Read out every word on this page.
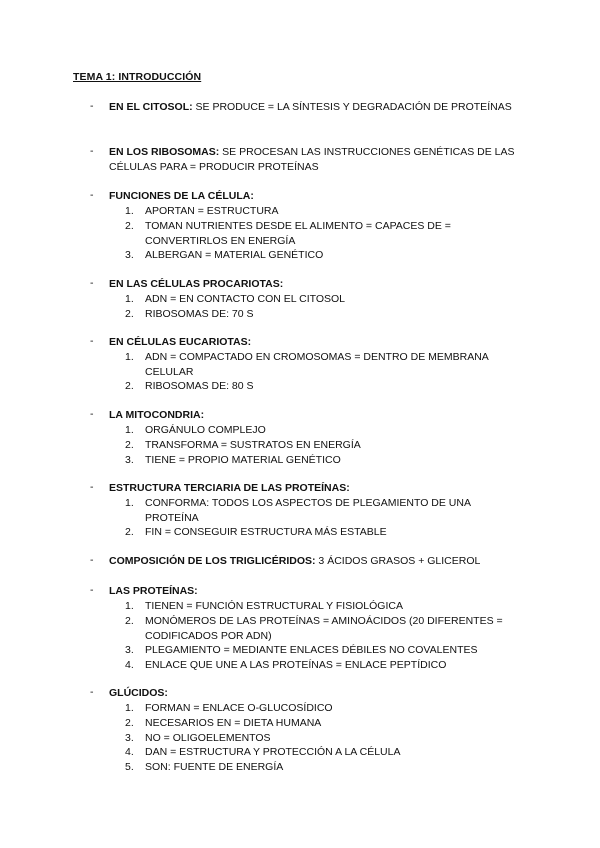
TEMA 1: INTRODUCCIÓN
- EN EL CITOSOL: SE PRODUCE = LA SÍNTESIS Y DEGRADACIÓN DE PROTEÍNAS
- EN LOS RIBOSOMAS: SE PROCESAN LAS INSTRUCCIONES GENÉTICAS DE LAS CÉLULAS PARA = PRODUCIR PROTEÍNAS
- FUNCIONES DE LA CÉLULA:
1. APORTAN = ESTRUCTURA
2. TOMAN NUTRIENTES DESDE EL ALIMENTO = CAPACES DE = CONVERTIRLOS EN ENERGÍA
3. ALBERGAN = MATERIAL GENÉTICO
- EN LAS CÉLULAS PROCARIOTAS:
1. ADN = EN CONTACTO CON EL CITOSOL
2. RIBOSOMAS DE: 70 S
- EN CÉLULAS EUCARIOTAS:
1. ADN = COMPACTADO EN CROMOSOMAS = DENTRO DE MEMBRANA CELULAR
2. RIBOSOMAS DE: 80 S
- LA MITOCONDRIA:
1. ORGÁNULO COMPLEJO
2. TRANSFORMA = SUSTRATOS EN ENERGÍA
3. TIENE = PROPIO MATERIAL GENÉTICO
- ESTRUCTURA TERCIARIA DE LAS PROTEÍNAS:
1. CONFORMA: TODOS LOS ASPECTOS DE PLEGAMIENTO DE UNA PROTEÍNA
2. FIN = CONSEGUIR ESTRUCTURA MÁS ESTABLE
- COMPOSICIÓN DE LOS TRIGLICÉRIDOS: 3 ÁCIDOS GRASOS + GLICEROL
- LAS PROTEÍNAS:
1. TIENEN = FUNCIÓN ESTRUCTURAL Y FISIOLÓGICA
2. MONÓMEROS DE LAS PROTEÍNAS = AMINOÁCIDOS (20 DIFERENTES = CODIFICADOS POR ADN)
3. PLEGAMIENTO = MEDIANTE ENLACES DÉBILES NO COVALENTES
4. ENLACE QUE UNE A LAS PROTEÍNAS = ENLACE PEPTÍDICO
- GLÚCIDOS:
1. FORMAN = ENLACE O-GLUCOSÍDICO
2. NECESARIOS EN = DIETA HUMANA
3. NO = OLIGOELEMENTOS
4. DAN = ESTRUCTURA Y PROTECCIÓN A LA CÉLULA
5. SON: FUENTE DE ENERGÍA
